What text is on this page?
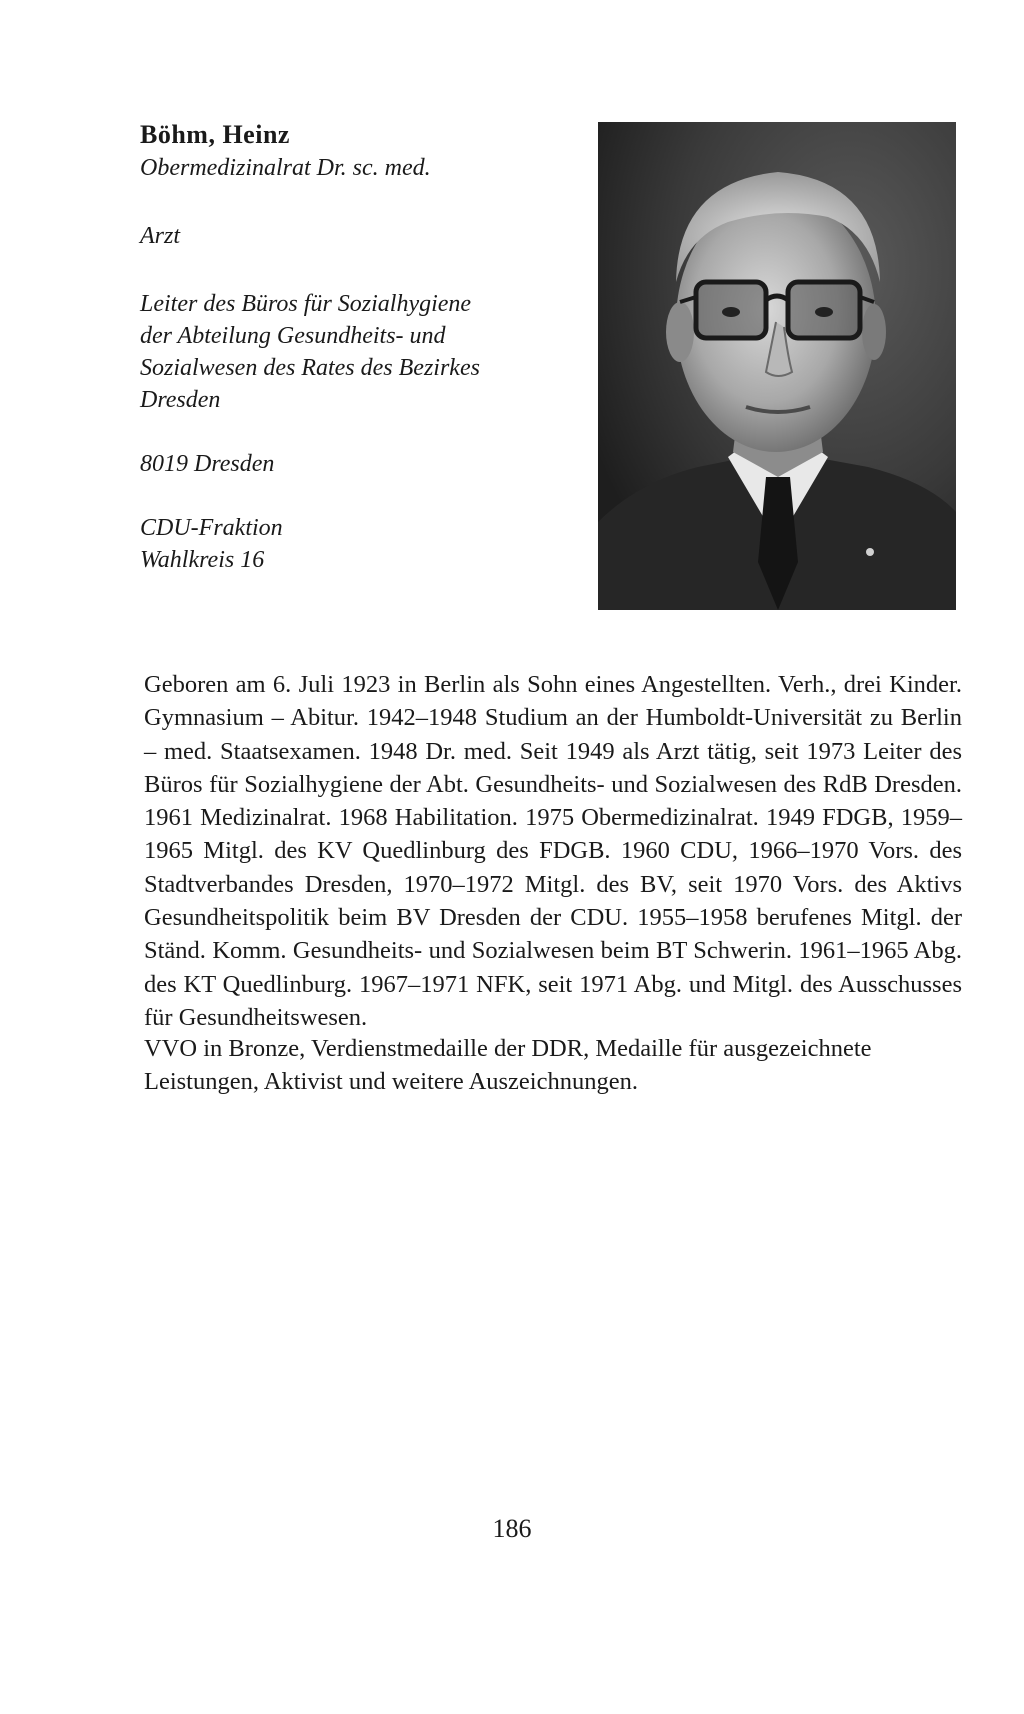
Böhm, Heinz

Obermedizinalrat Dr. sc. med.

Arzt

Leiter des Büros für Sozialhygiene

der Abteilung Gesundheits- und

Sozialwesen des Rates des Bezirkes

Dresden

8019 Dresden

CDU-Fraktion

Wahlkreis 16

Geboren am 6. Juli 1923 in Berlin als Sohn eines Angestellten. Verh., drei Kinder. Gymnasium – Abitur. 1942–1948 Studium an der Humboldt-Universität zu Berlin – med. Staatsexamen. 1948 Dr. med. Seit 1949 als Arzt tätig, seit 1973 Leiter des Büros für Sozialhygiene der Abt. Gesundheits- und Sozialwesen des RdB Dresden. 1961 Medizinalrat. 1968 Habilitation. 1975 Obermedizinalrat. 1949 FDGB, 1959–1965 Mitgl. des KV Quedlinburg des FDGB. 1960 CDU, 1966–1970 Vors. des Stadtverbandes Dresden, 1970–1972 Mitgl. des BV, seit 1970 Vors. des Aktivs Gesundheitspolitik beim BV Dresden der CDU. 1955–1958 berufenes Mitgl. der Ständ. Komm. Gesundheits- und Sozialwesen beim BT Schwerin. 1961–1965 Abg. des KT Quedlinburg. 1967–1971 NFK, seit 1971 Abg. und Mitgl. des Ausschusses für Gesundheitswesen.

VVO in Bronze, Verdienstmedaille der DDR, Medaille für ausgezeichnete Leistungen, Aktivist und weitere Auszeichnungen.

186
